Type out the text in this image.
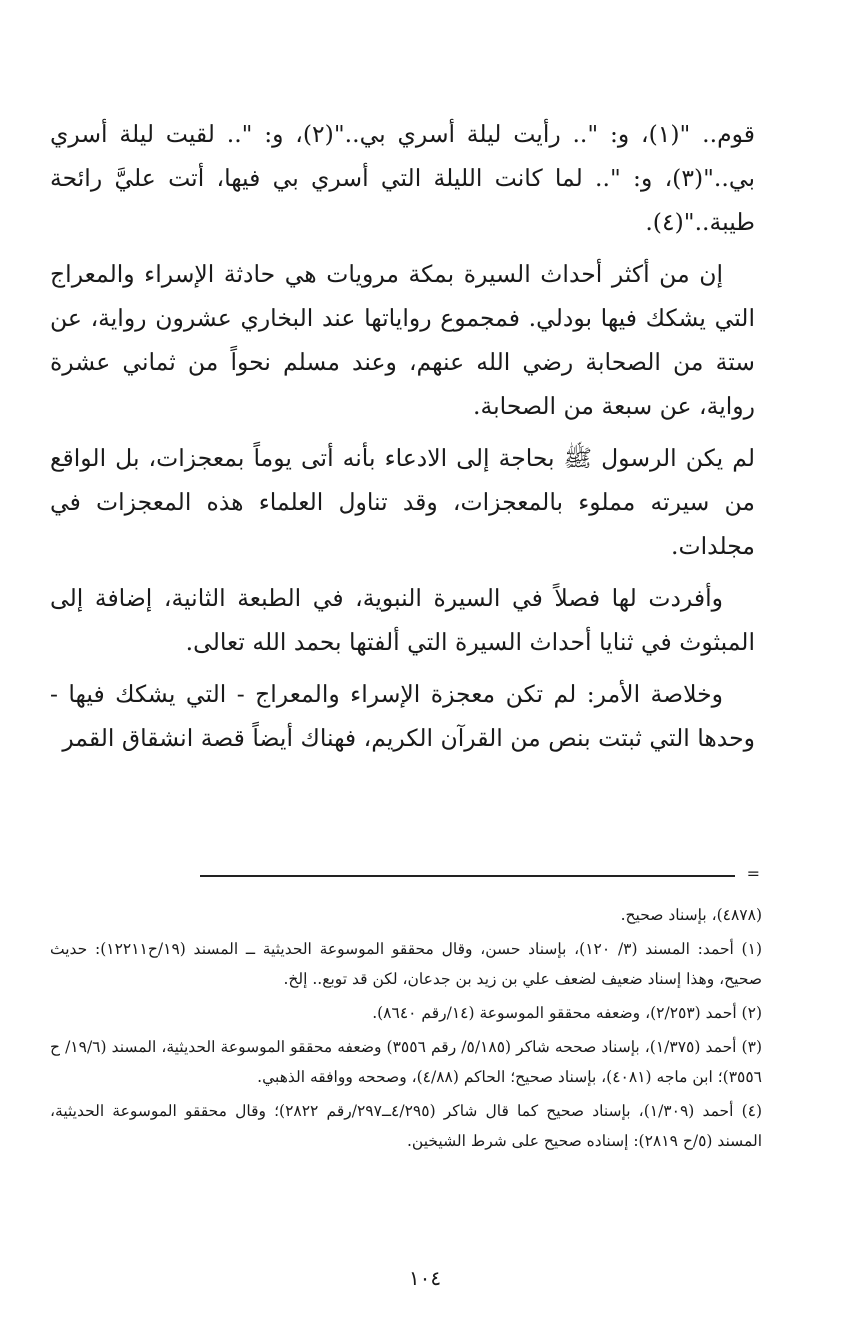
قوم.. "(١)، و: ".. رأيت ليلة أسري بي.."(٢)، و: ".. لقيت ليلة أسري بي.."(٣)، و: ".. لما كانت الليلة التي أسري بي فيها، أتت عليَّ رائحة طيبة.."(٤).

إن من أكثر أحداث السيرة بمكة مرويات هي حادثة الإسراء والمعراج التي يشكك فيها بودلي. فمجموع رواياتها عند البخاري عشرون رواية، عن ستة من الصحابة رضي الله عنهم، وعند مسلم نحواً من ثماني عشرة رواية، عن سبعة من الصحابة.

لم يكن الرسول ﷺ بحاجة إلى الادعاء بأنه أتى يوماً بمعجزات، بل الواقع من سيرته مملوء بالمعجزات، وقد تناول العلماء هذه المعجزات في مجلدات.

وأفردت لها فصلاً في السيرة النبوية، في الطبعة الثانية، إضافة إلى المبثوث في ثنايا أحداث السيرة التي ألفتها بحمد الله تعالى.

وخلاصة الأمر: لم تكن معجزة الإسراء والمعراج - التي يشكك فيها - وحدها التي ثبتت بنص من القرآن الكريم، فهناك أيضاً قصة انشقاق القمر

=

(٤٨٧٨)، بإسناد صحيح.

(١) أحمد: المسند (٣/ ١٢٠)، بإسناد حسن، وقال محققو الموسوعة الحديثية ــ المسند (١٩/ح١٢٢١١): حديث صحيح، وهذا إسناد ضعيف لضعف علي بن زيد بن جدعان، لكن قد توبع.. إلخ.

(٢) أحمد (٢/٢٥٣)، وضعفه محققو الموسوعة (١٤/رقم ٨٦٤٠).

(٣) أحمد (١/٣٧٥)، بإسناد صححه شاكر (٥/١٨٥/ رقم ٣٥٥٦) وضعفه محققو الموسوعة الحديثية، المسند (١٩/٦/ ح ٣٥٥٦)؛ ابن ماجه (٤٠٨١)، بإسناد صحيح؛ الحاكم (٤/٨٨)، وصححه ووافقه الذهبي.

(٤) أحمد (١/٣٠٩)، بإسناد صحيح كما قال شاكر (٤/٢٩٥ــ٢٩٧/رقم ٢٨٢٢)؛ وقال محققو الموسوعة الحديثية، المسند (٥/ح ٢٨١٩): إسناده صحيح على شرط الشيخين.

١٠٤
